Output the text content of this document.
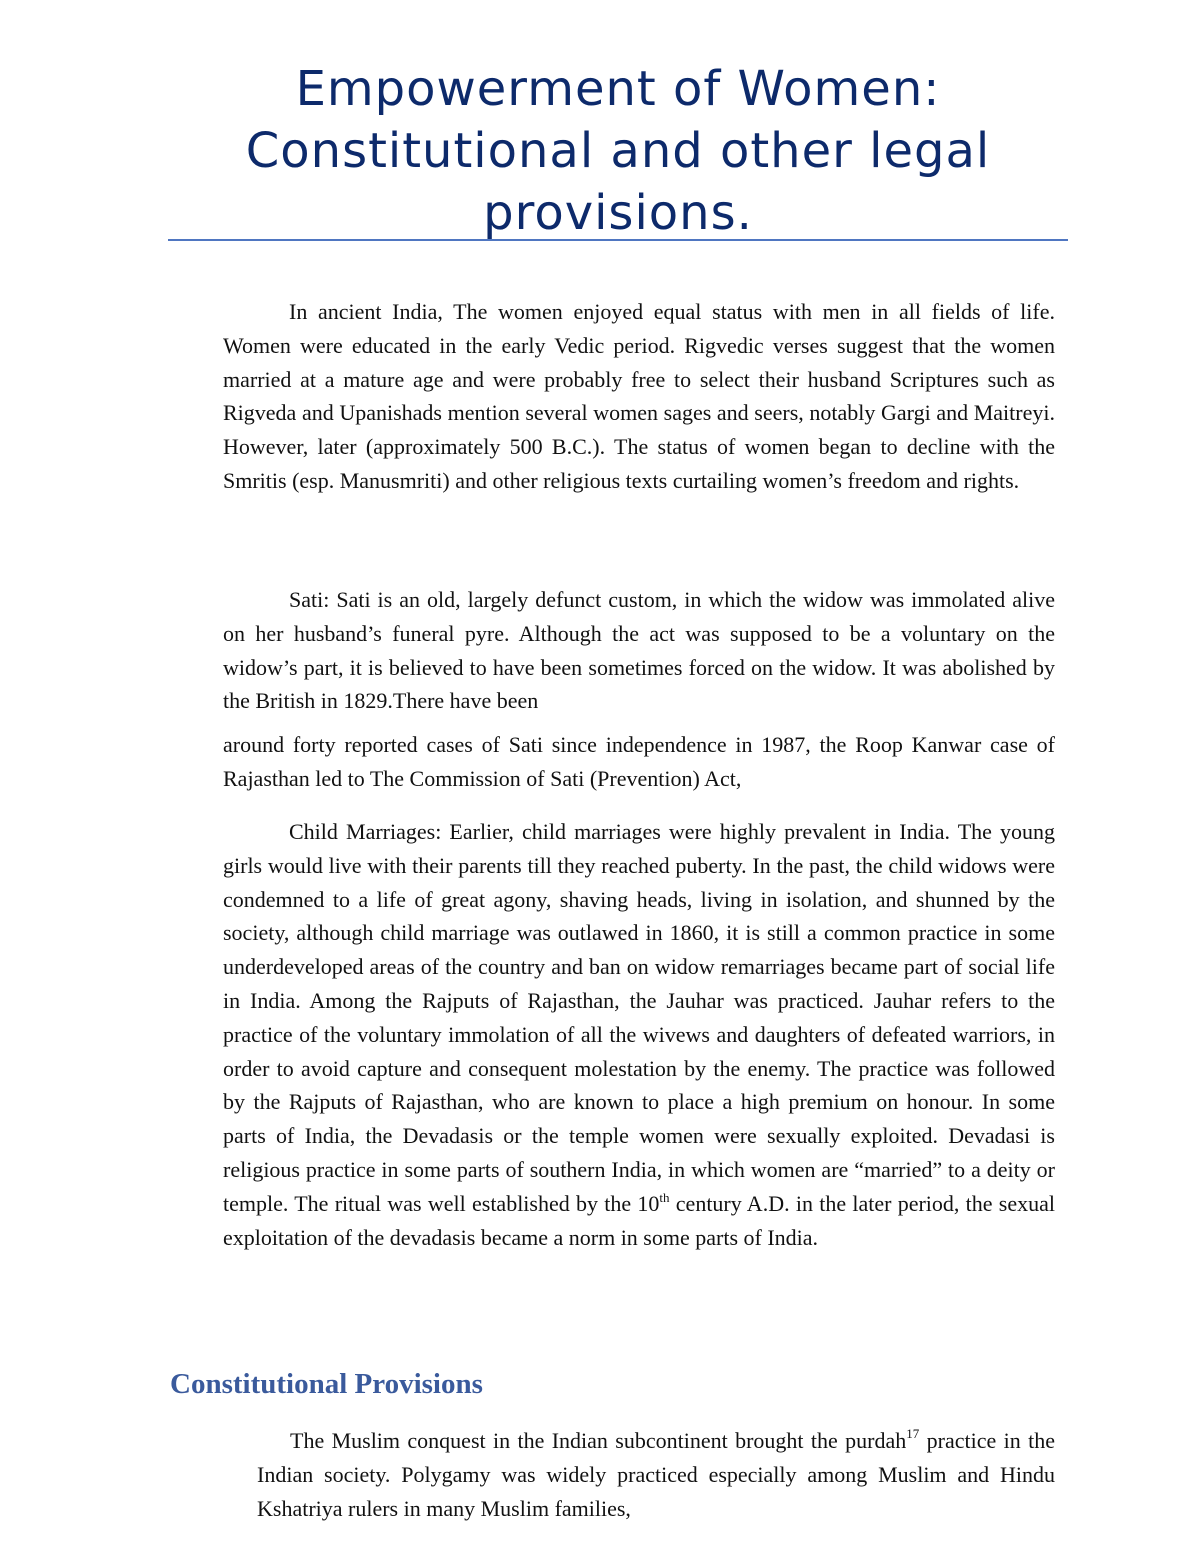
Empowerment of Women: Constitutional and other legal provisions.

In ancient India, The women enjoyed equal status with men in all fields of life. Women were educated in the early Vedic period. Rigvedic verses suggest that the women married at a mature age and were probably free to select their husband Scriptures such as Rigveda and Upanishads mention several women sages and seers, notably Gargi and Maitreyi. However, later (approximately 500 B.C.). The status of women began to decline with the Smritis (esp. Manusmriti) and other religious texts curtailing women’s freedom and rights.

Sati: Sati is an old, largely defunct custom, in which the widow was immolated alive on her husband’s funeral pyre. Although the act was supposed to be a voluntary on the widow’s part, it is believed to have been sometimes forced on the widow. It was abolished by the British in 1829.There have been

around forty reported cases of Sati since independence in 1987, the Roop Kanwar case of Rajasthan led to The Commission of Sati (Prevention) Act,

Child Marriages: Earlier, child marriages were highly prevalent in India. The young girls would live with their parents till they reached puberty. In the past, the child widows were condemned to a life of great agony, shaving heads, living in isolation, and shunned by the society, although child marriage was outlawed in 1860, it is still a common practice in some underdeveloped areas of the country and ban on widow remarriages became part of social life in India. Among the Rajputs of Rajasthan, the Jauhar was practiced. Jauhar refers to the practice of the voluntary immolation of all the wivews and daughters of defeated warriors, in order to avoid capture and consequent molestation by the enemy. The practice was followed by the Rajputs of Rajasthan, who are known to place a high premium on honour. In some parts of India, the Devadasis or the temple women were sexually exploited. Devadasi is religious practice in some parts of southern India, in which women are “married” to a deity or temple. The ritual was well established by the 10th century A.D. in the later period, the sexual exploitation of the devadasis became a norm in some parts of India.

Constitutional Provisions

The Muslim conquest in the Indian subcontinent brought the purdah$^{17}$ practice in the Indian society. Polygamy was widely practiced especially among Muslim and Hindu Kshatriya rulers in many Muslim families,
